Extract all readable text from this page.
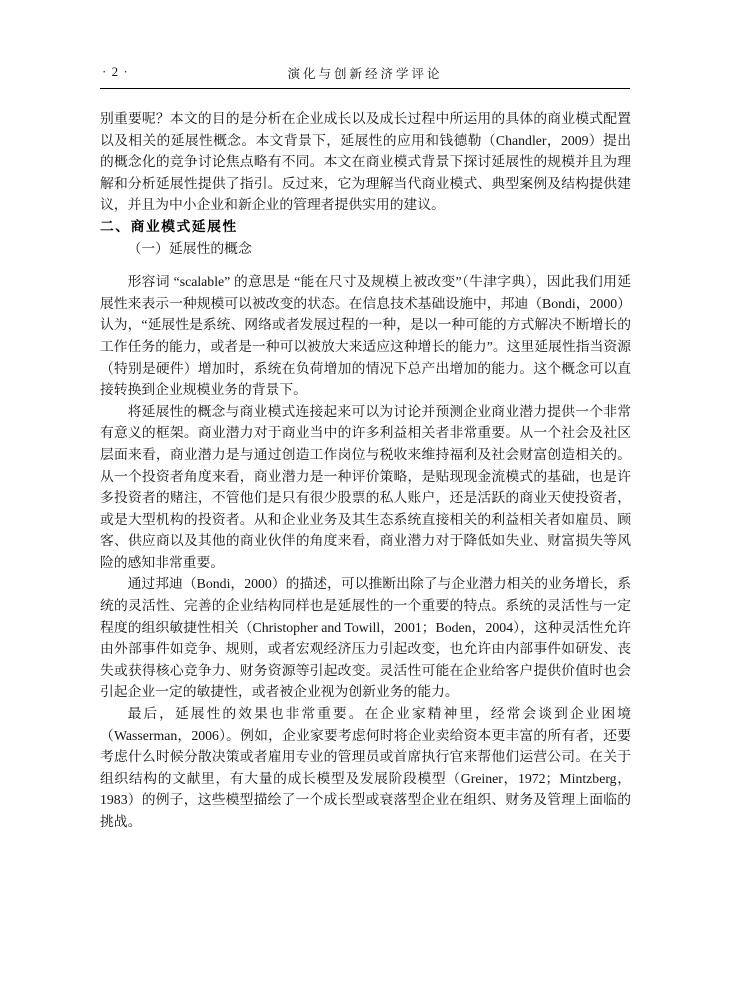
· 2 ·	演化与创新经济学评论

别重要呢？本文的目的是分析在企业成长以及成长过程中所运用的具体的商业模式配置以及相关的延展性概念。本文背景下，延展性的应用和钱德勒（Chandler，2009）提出的概念化的竞争讨论焦点略有不同。本文在商业模式背景下探讨延展性的规模并且为理解和分析延展性提供了指引。反过来，它为理解当代商业模式、典型案例及结构提供建议，并且为中小企业和新企业的管理者提供实用的建议。

二、商业模式延展性

（一）延展性的概念

形容词 “scalable” 的意思是 “能在尺寸及规模上被改变”（牛津字典），因此我们用延展性来表示一种规模可以被改变的状态。在信息技术基础设施中，邦迪（Bondi，2000）认为，“延展性是系统、网络或者发展过程的一种，是以一种可能的方式解决不断增长的工作任务的能力，或者是一种可以被放大来适应这种增长的能力”。这里延展性指当资源（特别是硬件）增加时，系统在负荷增加的情况下总产出增加的能力。这个概念可以直接转换到企业规模业务的背景下。

将延展性的概念与商业模式连接起来可以为讨论并预测企业商业潜力提供一个非常有意义的框架。商业潜力对于商业当中的许多利益相关者非常重要。从一个社会及社区层面来看，商业潜力是与通过创造工作岗位与税收来维持福利及社会财富创造相关的。从一个投资者角度来看，商业潜力是一种评价策略，是贴现现金流模式的基础，也是许多投资者的赌注，不管他们是只有很少股票的私人账户，还是活跃的商业天使投资者，或是大型机构的投资者。从和企业业务及其生态系统直接相关的利益相关者如雇员、顾客、供应商以及其他的商业伙伴的角度来看，商业潜力对于降低如失业、财富损失等风险的感知非常重要。

通过邦迪（Bondi，2000）的描述，可以推断出除了与企业潜力相关的业务增长，系统的灵活性、完善的企业结构同样也是延展性的一个重要的特点。系统的灵活性与一定程度的组织敏捷性相关（Christopher and Towill，2001；Boden，2004），这种灵活性允许由外部事件如竞争、规则，或者宏观经济压力引起改变，也允许由内部事件如研发、丧失或获得核心竞争力、财务资源等引起改变。灵活性可能在企业给客户提供价值时也会引起企业一定的敏捷性，或者被企业视为创新业务的能力。

最后，延展性的效果也非常重要。在企业家精神里，经常会谈到企业困境（Wasserman，2006）。例如，企业家要考虑何时将企业卖给资本更丰富的所有者，还要考虑什么时候分散决策或者雇用专业的管理员或首席执行官来帮他们运营公司。在关于组织结构的文献里，有大量的成长模型及发展阶段模型（Greiner，1972；Mintzberg，1983）的例子，这些模型描绘了一个成长型或衰落型企业在组织、财务及管理上面临的挑战。
